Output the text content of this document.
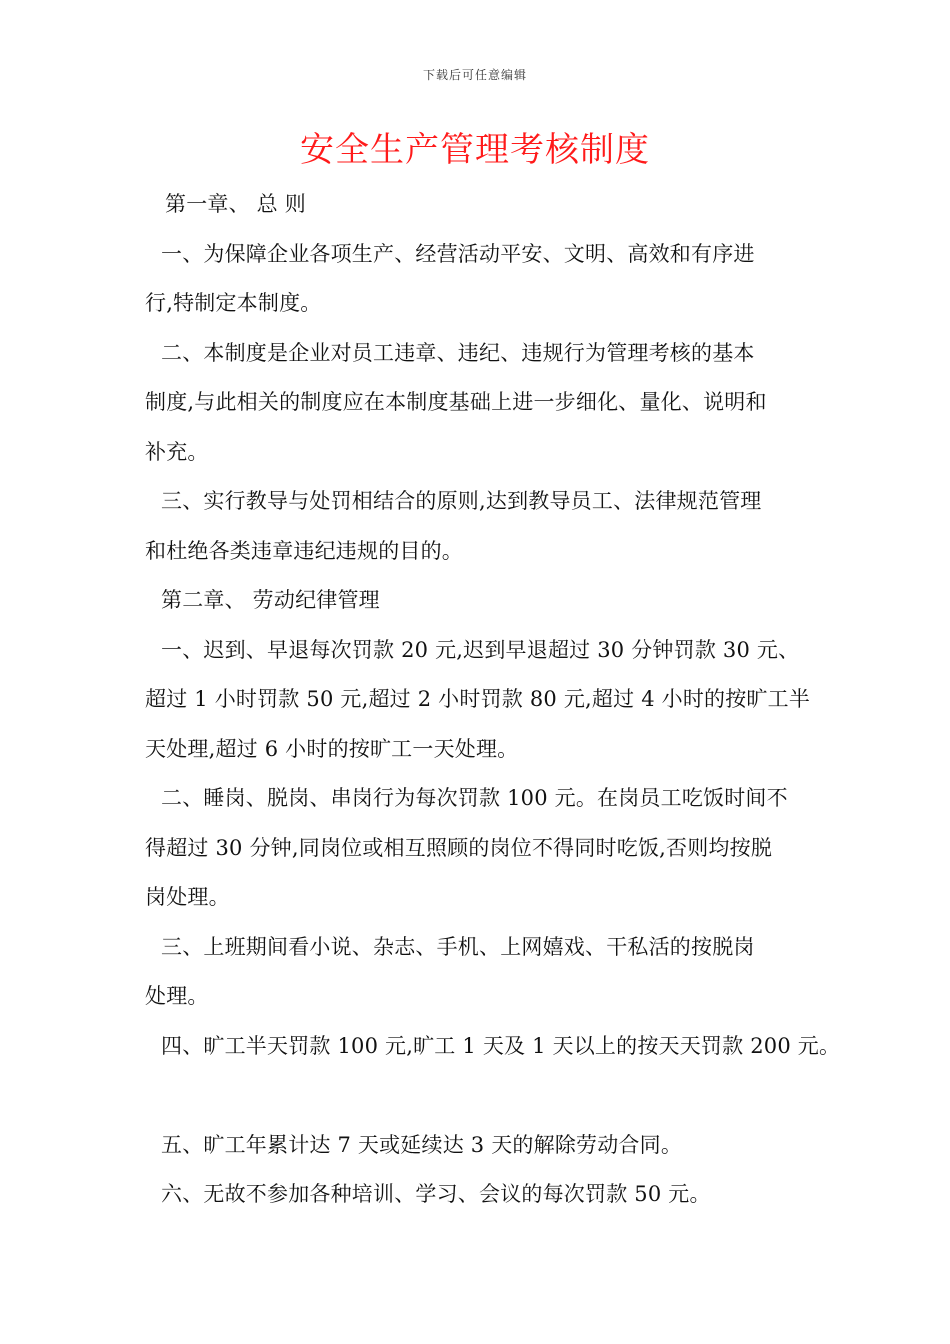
下载后可任意编辑
安全生产管理考核制度
第一章、 总 则
一、为保障企业各项生产、经营活动平安、文明、高效和有序进
行,特制定本制度。
二、本制度是企业对员工违章、违纪、违规行为管理考核的基本
制度,与此相关的制度应在本制度基础上进一步细化、量化、说明和
补充。
三、实行教导与处罚相结合的原则,达到教导员工、法律规范管理
和杜绝各类违章违纪违规的目的。
第二章、 劳动纪律管理
一、迟到、早退每次罚款 20 元,迟到早退超过 30 分钟罚款 30 元、
超过 1 小时罚款 50 元,超过 2 小时罚款 80 元,超过 4 小时的按旷工半
天处理,超过 6 小时的按旷工一天处理。
二、睡岗、脱岗、串岗行为每次罚款 100 元。在岗员工吃饭时间不
得超过 30 分钟,同岗位或相互照顾的岗位不得同时吃饭,否则均按脱
岗处理。
三、上班期间看小说、杂志、手机、上网嬉戏、干私活的按脱岗
处理。
四、旷工半天罚款 100 元,旷工 1 天及 1 天以上的按天天罚款 200 元。
五、旷工年累计达 7 天或延续达 3 天的解除劳动合同。
六、无故不参加各种培训、学习、会议的每次罚款 50 元。
